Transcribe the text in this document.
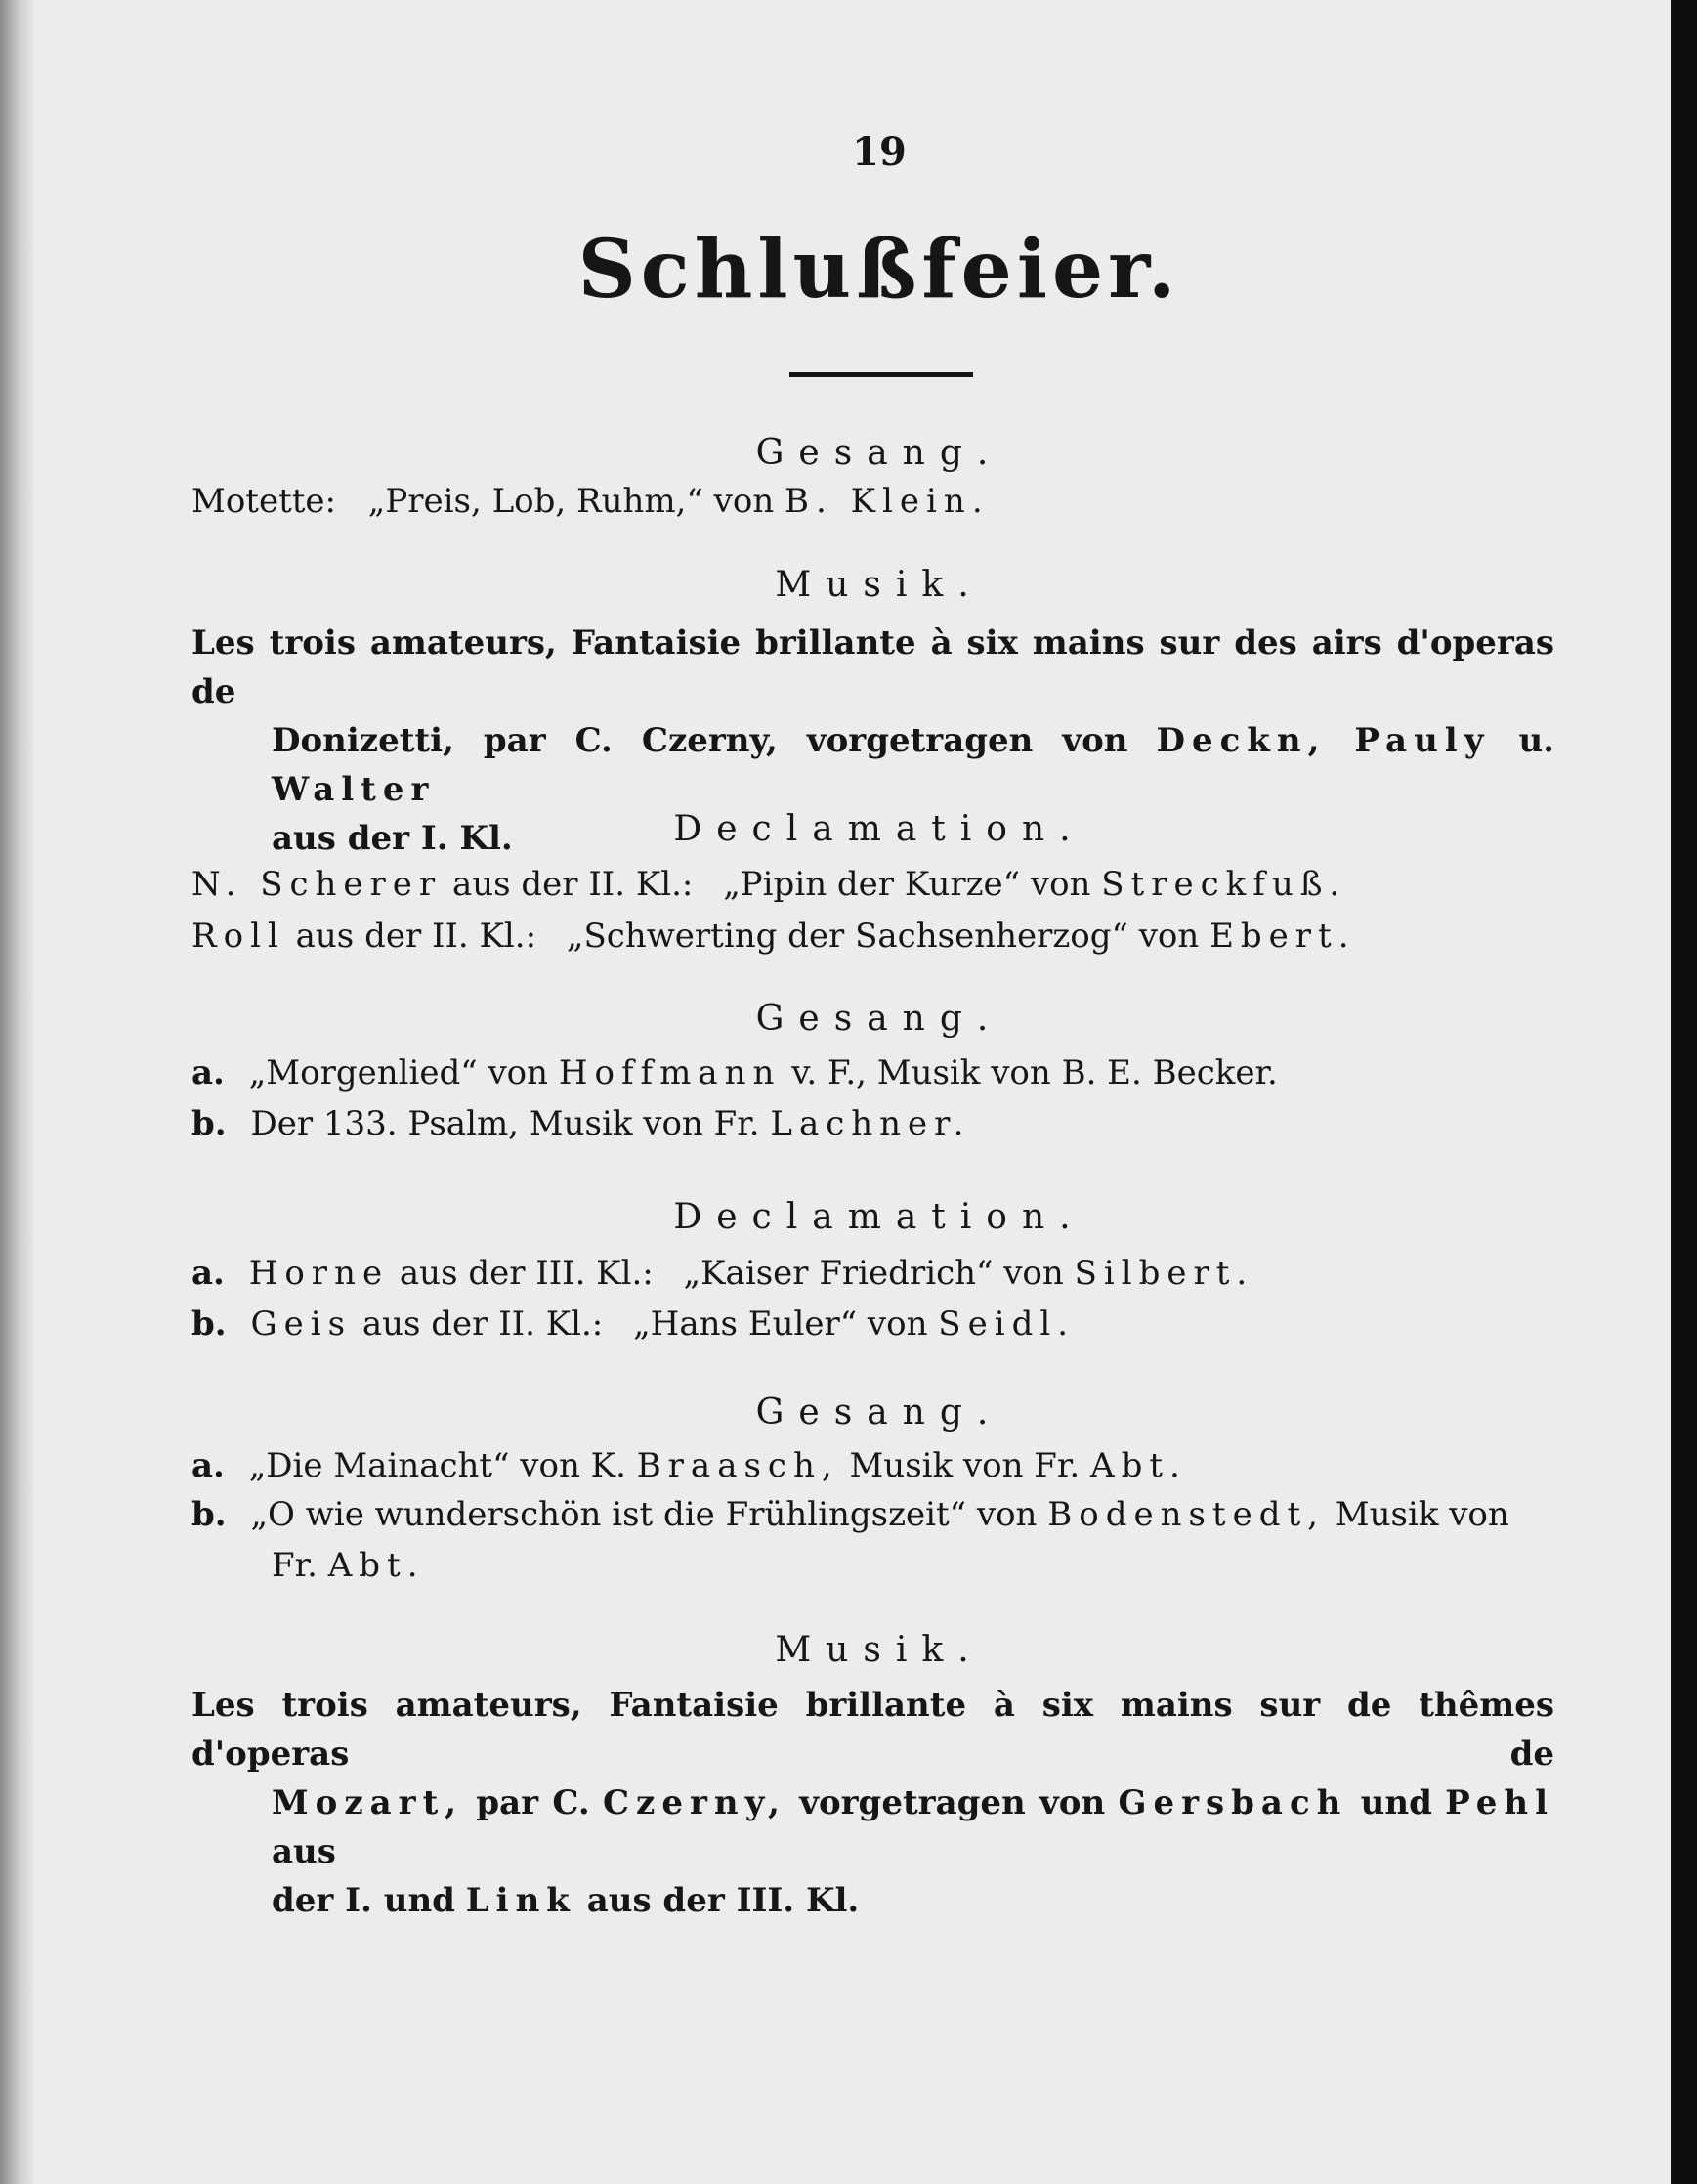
19
Schlußfeier.
Gesang.
Motette: „Preis, Lob, Ruhm,“ von B. Klein.
Musik.
Les trois amateurs, Fantaisie brillante à six mains sur des airs d'operas de
Donizetti, par C. Czerny, vorgetragen von Deckn, Pauly u. Walter
aus der I. Kl.	Declamation.
N. Scherer aus der II. Kl.: „Pipin der Kurze“ von Streckfuß.
Roll aus der II. Kl.: „Schwerting der Sachsenherzog“ von Ebert.
Gesang.
a. „Morgenlied“ von Hoffmann v. F., Musik von B. E. Becker.
b. Der 133. Psalm, Musik von Fr. Lachner.
Declamation.
a. Horne aus der III. Kl.: „Kaiser Friedrich“ von Silbert.
b. Geis aus der II. Kl.: „Hans Euler“ von Seidl.
Gesang.
a. „Die Mainacht“ von K. Braasch, Musik von Fr. Abt.
b. „O wie wunderschön ist die Frühlingszeit“ von Bodenstedt, Musik von
Fr. Abt.
Musik.
Les trois amateurs, Fantaisie brillante à six mains sur de thêmes d'operas de
Mozart, par C. Czerny, vorgetragen von Gersbach und Pehl aus
der I. und Link aus der III. Kl.
